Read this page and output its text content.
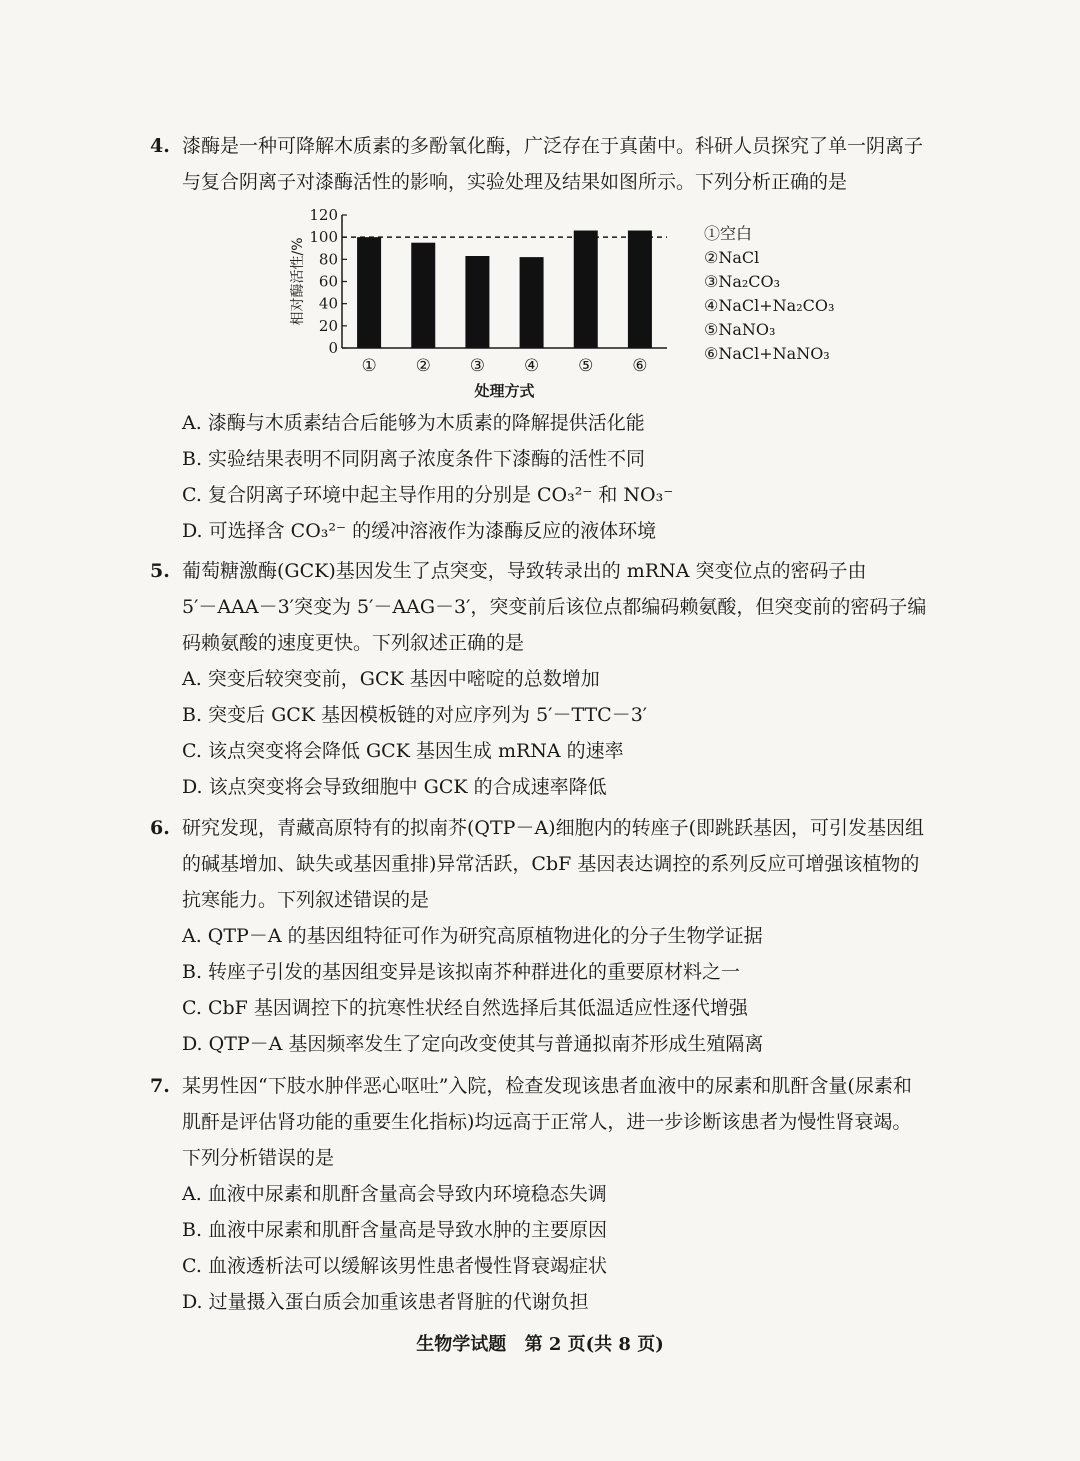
4. 漆酶是一种可降解木质素的多酚氧化酶，广泛存在于真菌中。科研人员探究了单一阴离子
与复合阴离子对漆酶活性的影响，实验处理及结果如图所示。下列分析正确的是
0
20
40
60
80
100
120
相对酶活性/%
① ② ③ ④ ⑤ ⑥
处理方式
①空白
②NaCl
③Na₂CO₃
④NaCl+Na₂CO₃
⑤NaNO₃
⑥NaCl+NaNO₃
A. 漆酶与木质素结合后能够为木质素的降解提供活化能
B. 实验结果表明不同阴离子浓度条件下漆酶的活性不同
C. 复合阴离子环境中起主导作用的分别是 CO₃²⁻ 和 NO₃⁻
D. 可选择含 CO₃²⁻ 的缓冲溶液作为漆酶反应的液体环境
5. 葡萄糖激酶(GCK)基因发生了点突变，导致转录出的 mRNA 突变位点的密码子由
5′－AAA－3′突变为 5′－AAG－3′，突变前后该位点都编码赖氨酸，但突变前的密码子编
码赖氨酸的速度更快。下列叙述正确的是
A. 突变后较突变前，GCK 基因中嘧啶的总数增加
B. 突变后 GCK 基因模板链的对应序列为 5′－TTC－3′
C. 该点突变将会降低 GCK 基因生成 mRNA 的速率
D. 该点突变将会导致细胞中 GCK 的合成速率降低
6. 研究发现，青藏高原特有的拟南芥(QTP－A)细胞内的转座子(即跳跃基因，可引发基因组
的碱基增加、缺失或基因重排)异常活跃，CbF 基因表达调控的系列反应可增强该植物的
抗寒能力。下列叙述错误的是
A. QTP－A 的基因组特征可作为研究高原植物进化的分子生物学证据
B. 转座子引发的基因组变异是该拟南芥种群进化的重要原材料之一
C. CbF 基因调控下的抗寒性状经自然选择后其低温适应性逐代增强
D. QTP－A 基因频率发生了定向改变使其与普通拟南芥形成生殖隔离
7. 某男性因“下肢水肿伴恶心呕吐”入院，检查发现该患者血液中的尿素和肌酐含量(尿素和
肌酐是评估肾功能的重要生化指标)均远高于正常人，进一步诊断该患者为慢性肾衰竭。
下列分析错误的是
A. 血液中尿素和肌酐含量高会导致内环境稳态失调
B. 血液中尿素和肌酐含量高是导致水肿的主要原因
C. 血液透析法可以缓解该男性患者慢性肾衰竭症状
D. 过量摄入蛋白质会加重该患者肾脏的代谢负担
生物学试题 第 2 页(共 8 页)
